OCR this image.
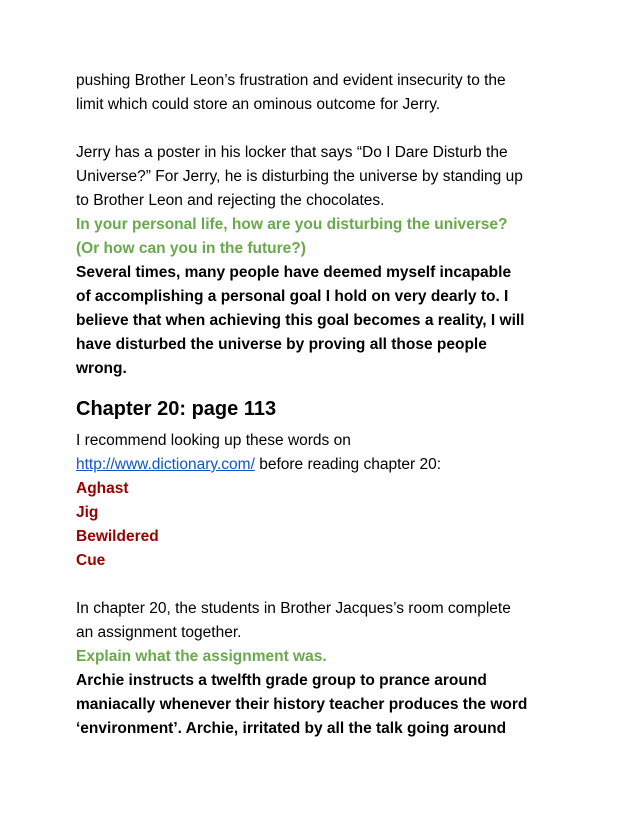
pushing Brother Leon’s frustration and evident insecurity to the
limit which could store an ominous outcome for Jerry.
Jerry has a poster in his locker that says “Do I Dare Disturb the
Universe?” For Jerry, he is disturbing the universe by standing up
to Brother Leon and rejecting the chocolates.
In your personal life, how are you disturbing the universe?
(Or how can you in the future?)
Several times, many people have deemed myself incapable
of accomplishing a personal goal I hold on very dearly to. I
believe that when achieving this goal becomes a reality, I will
have disturbed the universe by proving all those people
wrong.
Chapter 20: page 113
I recommend looking up these words on
http://www.dictionary.com/ before reading chapter 20:
Aghast
Jig
Bewildered
Cue
In chapter 20, the students in Brother Jacques’s room complete
an assignment together.
Explain what the assignment was.
Archie instructs a twelfth grade group to prance around
maniacally whenever their history teacher produces the word
‘environment’. Archie, irritated by all the talk going around
